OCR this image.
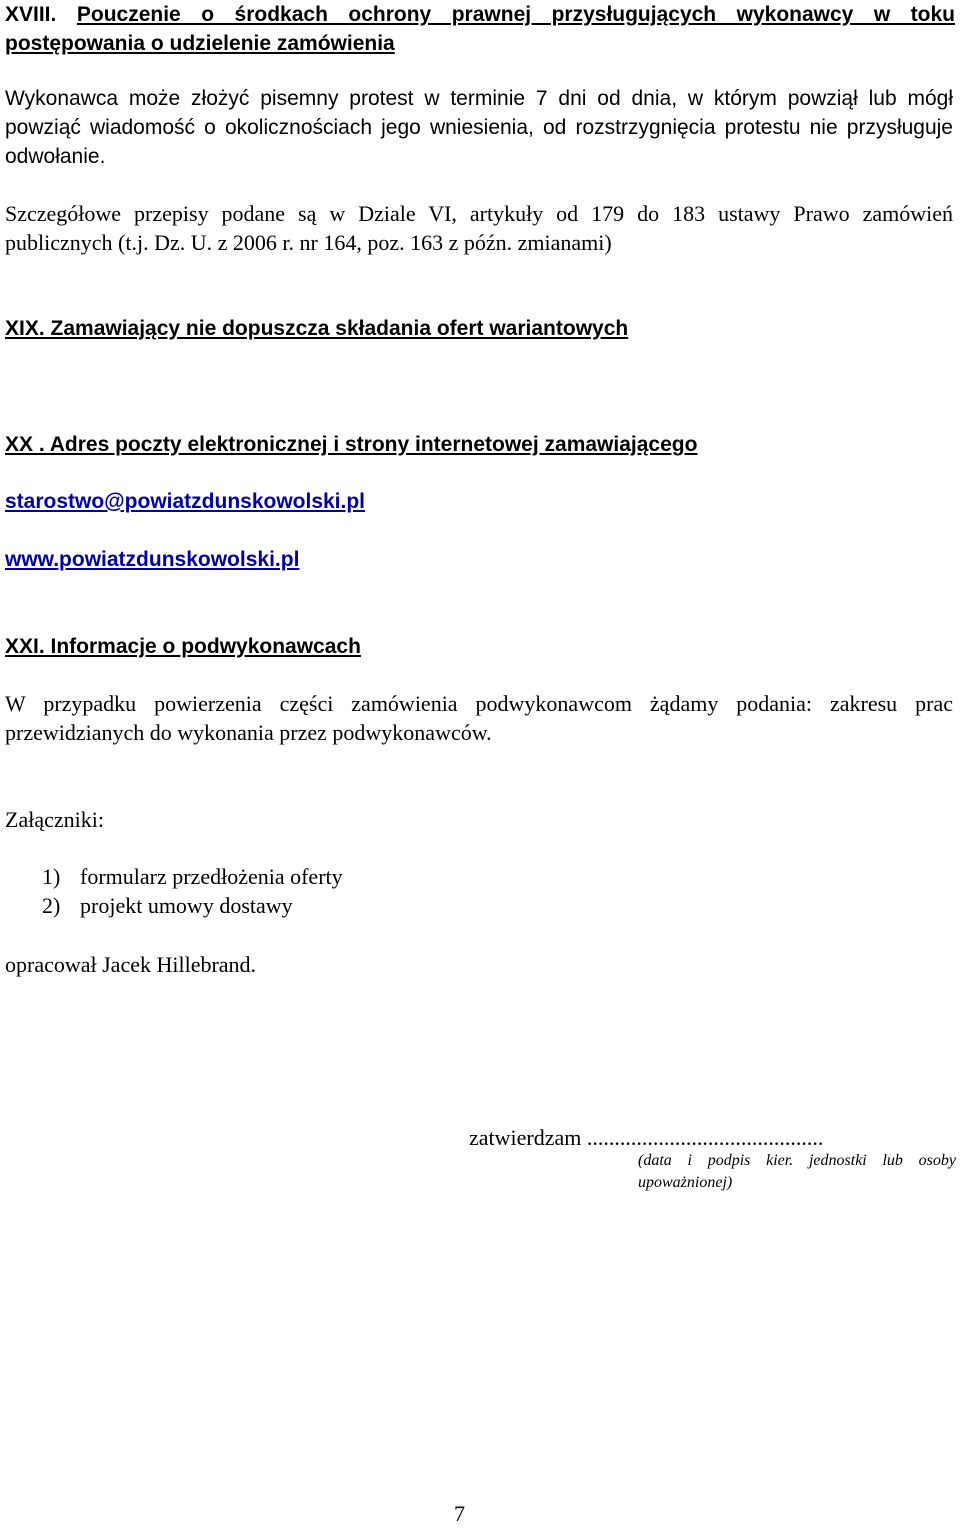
XVIII. Pouczenie o środkach ochrony prawnej przysługujących wykonawcy w toku postępowania o udzielenie zamówienia
Wykonawca może złożyć pisemny protest w terminie 7 dni od dnia, w którym powziął lub mógł powziąć wiadomość o okolicznościach jego wniesienia, od rozstrzygnięcia protestu nie przysługuje odwołanie.
Szczegółowe przepisy podane są w Dziale VI, artykuły od 179 do 183 ustawy Prawo zamówień publicznych (t.j. Dz. U. z 2006 r. nr 164, poz. 163 z późn. zmianami)
XIX. Zamawiający nie dopuszcza składania ofert wariantowych
XX . Adres poczty elektronicznej i strony internetowej zamawiającego
starostwo@powiatzdunskowolski.pl
www.powiatzdunskowolski.pl
XXI. Informacje o podwykonawcach
W przypadku powierzenia części zamówienia podwykonawcom żądamy podania: zakresu prac przewidzianych do wykonania przez podwykonawców.
Załączniki:
1) formularz przedłożenia oferty
2) projekt umowy dostawy
opracował Jacek Hillebrand.
zatwierdzam ...........................................
(data i podpis kier. jednostki lub osoby upoważnionej)
7
